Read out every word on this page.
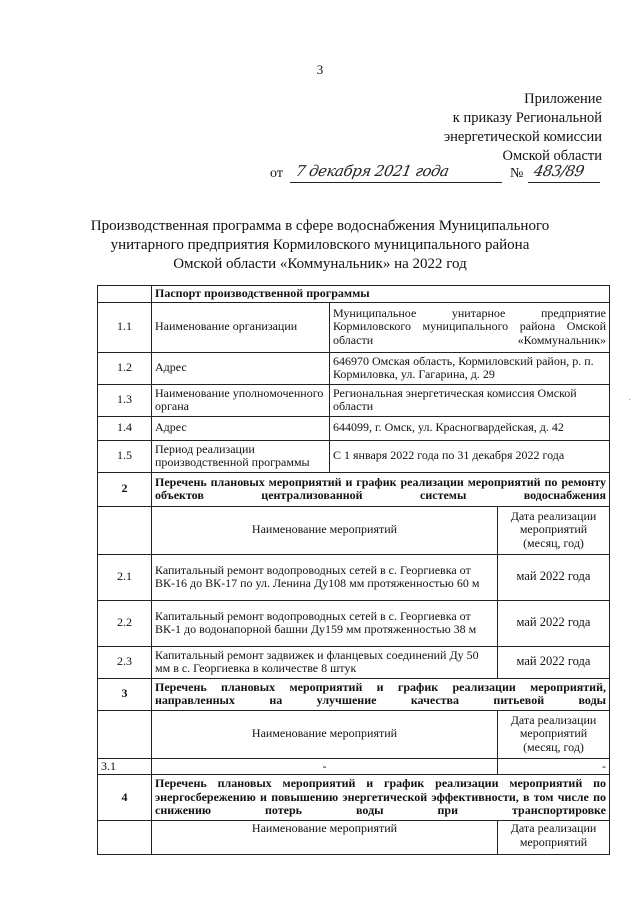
3
Приложение
к приказу Региональной
энергетической комиссии
Омской области
от 7 декабря 2021 года	№ 483/89
Производственная программа в сфере водоснабжения Муниципального
унитарного предприятия Кормиловского муниципального района
Омской области «Коммунальник» на 2022 год
	Паспорт производственной программы		
1.1	Наименование организации	Муниципальное унитарное предприятие Кормиловского муниципального района Омской области «Коммунальник»	
1.2	Адрес	646970 Омская область, Кормиловский район, р. п. Кормиловка, ул. Гагарина, д. 29	
1.3	Наименование уполномоченного органа	Региональная энергетическая комиссия Омской области	
1.4	Адрес	644099, г. Омск, ул. Красногвардейская, д. 42	
1.5	Период реализации производственной программы	С 1 января 2022 года по 31 декабря 2022 года	
2	Перечень плановых мероприятий и график реализации мероприятий по ремонту объектов централизованной системы водоснабжения		
	Наименование мероприятий		Дата реализации мероприятий (месяц, год)
2.1	Капитальный ремонт водопроводных сетей в с. Георгиевка от ВК-16 до ВК-17 по ул. Ленина Ду108 мм протяженностью 60 м		май 2022 года
2.2	Капитальный ремонт водопроводных сетей в с. Георгиевка от ВК-1 до водонапорной башни Ду159 мм протяженностью 38 м		май 2022 года
2.3	Капитальный ремонт задвижек и фланцевых соединений Ду 50 мм в с. Георгиевка в количестве 8 штук		май 2022 года
3	Перечень плановых мероприятий и график реализации мероприятий, направленных на улучшение качества питьевой воды		
	Наименование мероприятий		Дата реализации мероприятий (месяц, год)
3.1	-		-
4	Перечень плановых мероприятий и график реализации мероприятий по энергосбережению и повышению энергетической эффективности, в том числе по снижению потерь воды при транспортировке		
	Наименование мероприятий		Дата реализации мероприятий
·
